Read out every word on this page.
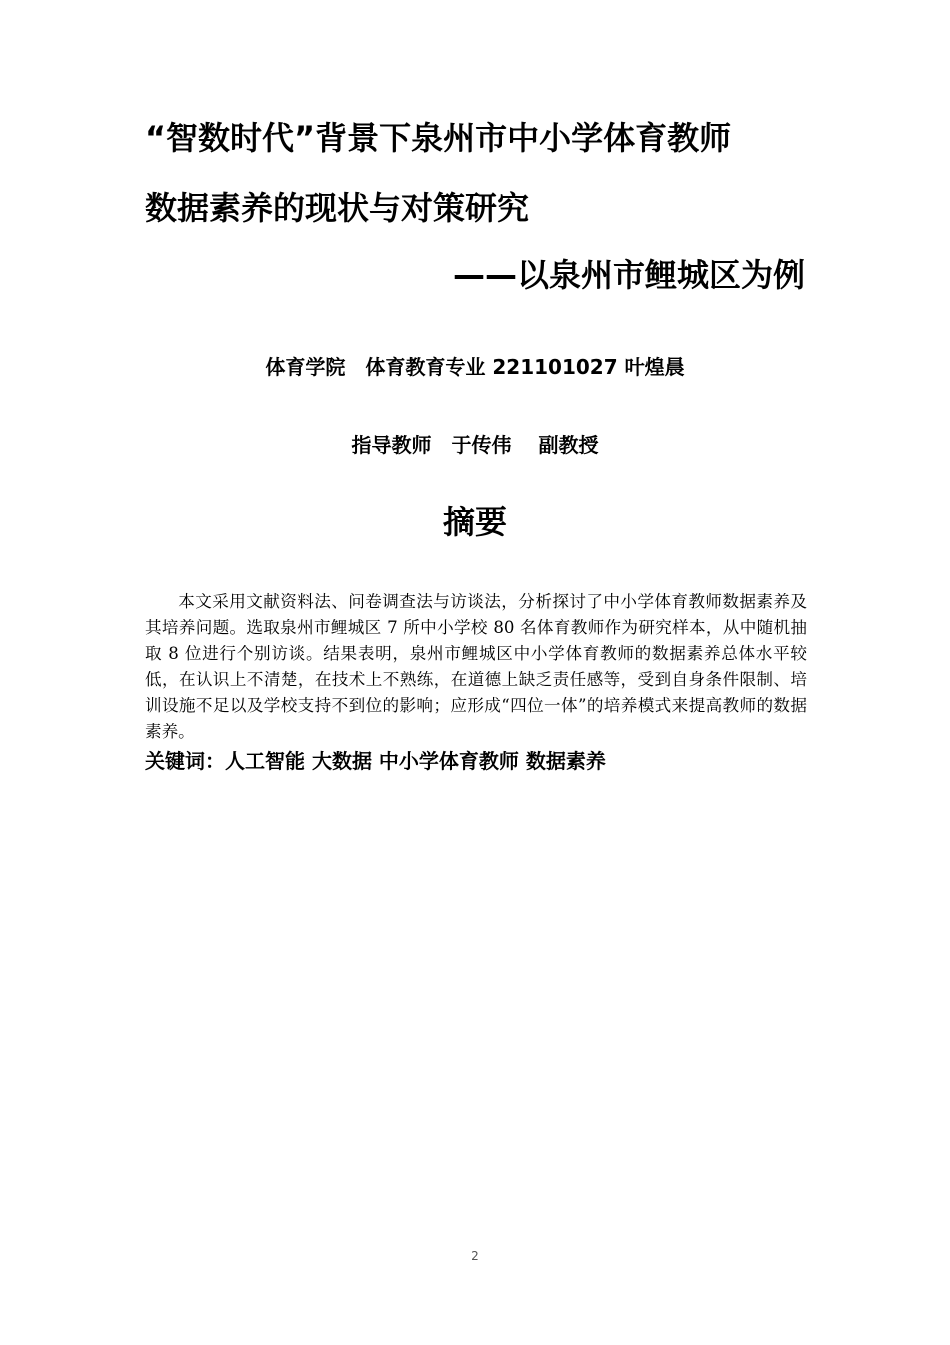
“智数时代”背景下泉州市中小学体育教师
数据素养的现状与对策研究
——以泉州市鲤城区为例
体育学院　体育教育专业 221101027 叶煌晨
指导教师　于传伟　 副教授
摘要

本文采用文献资料法、问卷调查法与访谈法，分析探讨了中小学体育教师数据素养及其培养问题。选取泉州市鲤城区 7 所中小学校 80 名体育教师作为研究样本，从中随机抽取 8 位进行个别访谈。结果表明，泉州市鲤城区中小学体育教师的数据素养总体水平较低，在认识上不清楚，在技术上不熟练，在道德上缺乏责任感等，受到自身条件限制、培训设施不足以及学校支持不到位的影响；应形成“四位一体”的培养模式来提高教师的数据素养。

关键词：人工智能 大数据 中小学体育教师 数据素养
2
